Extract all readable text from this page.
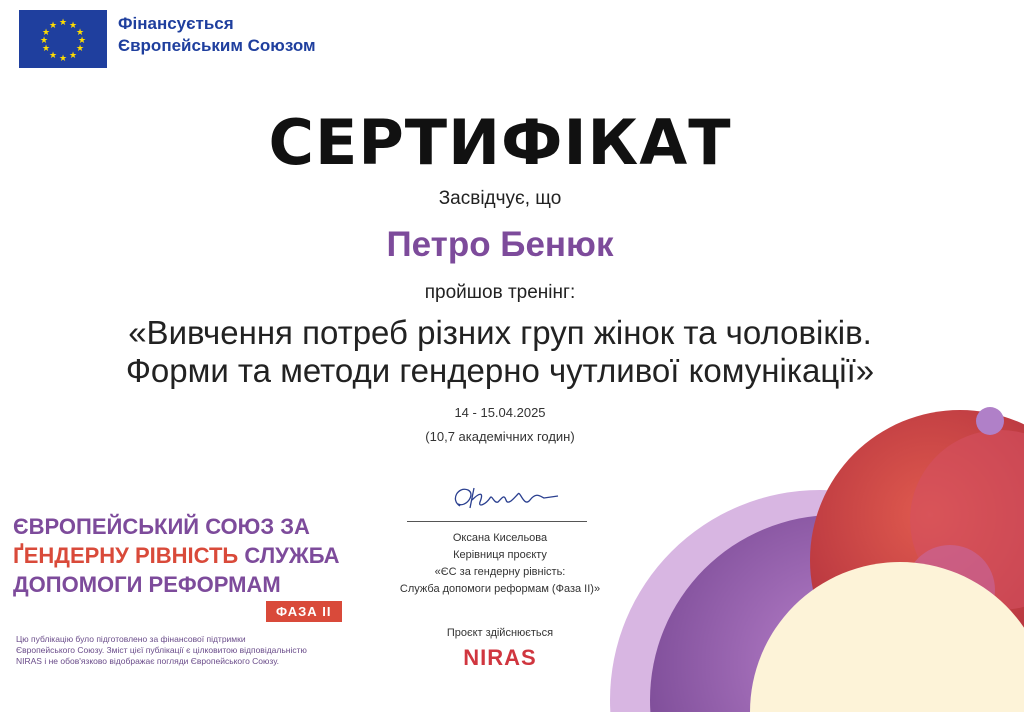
★ ★
★
★
★
★
★
★
★
★
★
★	Фінансується
Європейським Союзом
СЕРТИФІКАТ
Засвідчує, що
Петро Бенюк
пройшов тренінг:
«Вивчення потреб різних груп жінок та чоловіків.
Форми та методи гендерно чутливої комунікації»
14 - 15.04.2025
(10,7 академічних годин)
Оксана Кисельова
Керівниця проєкту
«ЄС за гендерну рівність:
Служба допомоги реформам (Фаза ІІ)»
Проєкт здійснюється
NIRAS
ЄВРОПЕЙСЬКИЙ СОЮЗ ЗА
ҐЕНДЕРНУ РІВНІСТЬ СЛУЖБА
ДОПОМОГИ РЕФОРМАМ
ФАЗА ІІ
Цю публікацію було підготовлено за фінансової підтримки
Європейського Союзу. Зміст цієї публікації є цілковитою відповідальністю
NIRAS і не обов'язково відображає погляди Європейського Союзу.
